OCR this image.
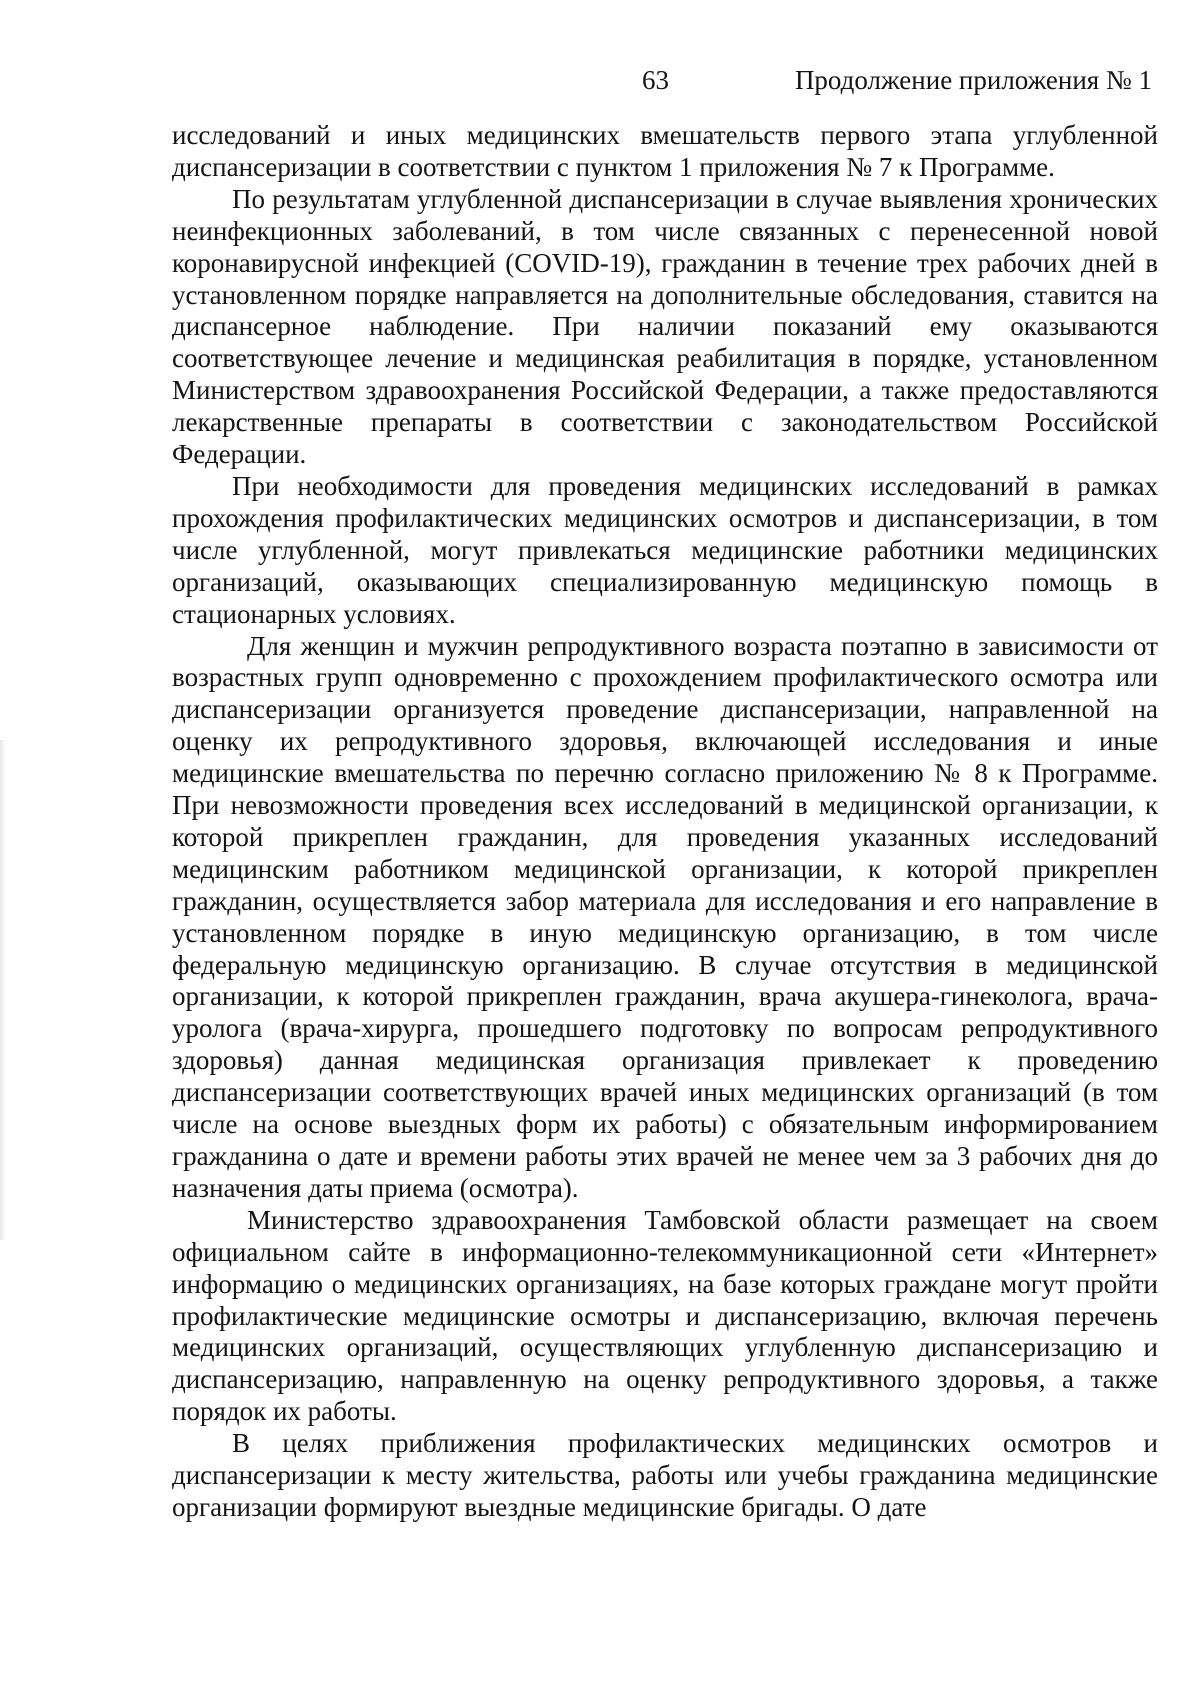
63	Продолжение приложения № 1

исследований и иных медицинских вмешательств первого этапа углубленной диспансеризации в соответствии с пунктом 1 приложения № 7 к Программе.

По результатам углубленной диспансеризации в случае выявления хронических неинфекционных заболеваний, в том числе связанных с перенесенной новой коронавирусной инфекцией (COVID-19), гражданин в течение трех рабочих дней в установленном порядке направляется на дополнительные обследования, ставится на диспансерное наблюдение. При наличии показаний ему оказываются соответствующее лечение и медицинская реабилитация в порядке, установленном Министерством здравоохранения Российской Федерации, а также предоставляются лекарственные препараты в соответствии с законодательством Российской Федерации.

При необходимости для проведения медицинских исследований в рамках прохождения профилактических медицинских осмотров и диспансеризации, в том числе углубленной, могут привлекаться медицинские работники медицинских организаций, оказывающих специализированную медицинскую помощь в стационарных условиях.

Для женщин и мужчин репродуктивного возраста поэтапно в зависимости от возрастных групп одновременно с прохождением профилактического осмотра или диспансеризации организуется проведение диспансеризации, направленной на оценку их репродуктивного здоровья, включающей исследования и иные медицинские вмешательства по перечню согласно приложению № 8 к Программе. При невозможности проведения всех исследований в медицинской организации, к которой прикреплен гражданин, для проведения указанных исследований медицинским работником медицинской организации, к которой прикреплен гражданин, осуществляется забор материала для исследования и его направление в установленном порядке в иную медицинскую организацию, в том числе федеральную медицинскую организацию. В случае отсутствия в медицинской организации, к которой прикреплен гражданин, врача акушера-гинеколога, врача-уролога (врача-хирурга, прошедшего подготовку по вопросам репродуктивного здоровья) данная медицинская организация привлекает к проведению диспансеризации соответствующих врачей иных медицинских организаций (в том числе на основе выездных форм их работы) с обязательным информированием гражданина о дате и времени работы этих врачей не менее чем за 3 рабочих дня до назначения даты приема (осмотра).

Министерство здравоохранения Тамбовской области размещает на своем официальном сайте в информационно-телекоммуникационной сети «Интернет» информацию о медицинских организациях, на базе которых граждане могут пройти профилактические медицинские осмотры и диспансеризацию, включая перечень медицинских организаций, осуществляющих углубленную диспансеризацию и диспансеризацию, направленную на оценку репродуктивного здоровья, а также порядок их работы.

В целях приближения профилактических медицинских осмотров и диспансеризации к месту жительства, работы или учебы гражданина медицинские организации формируют выездные медицинские бригады. О дате
